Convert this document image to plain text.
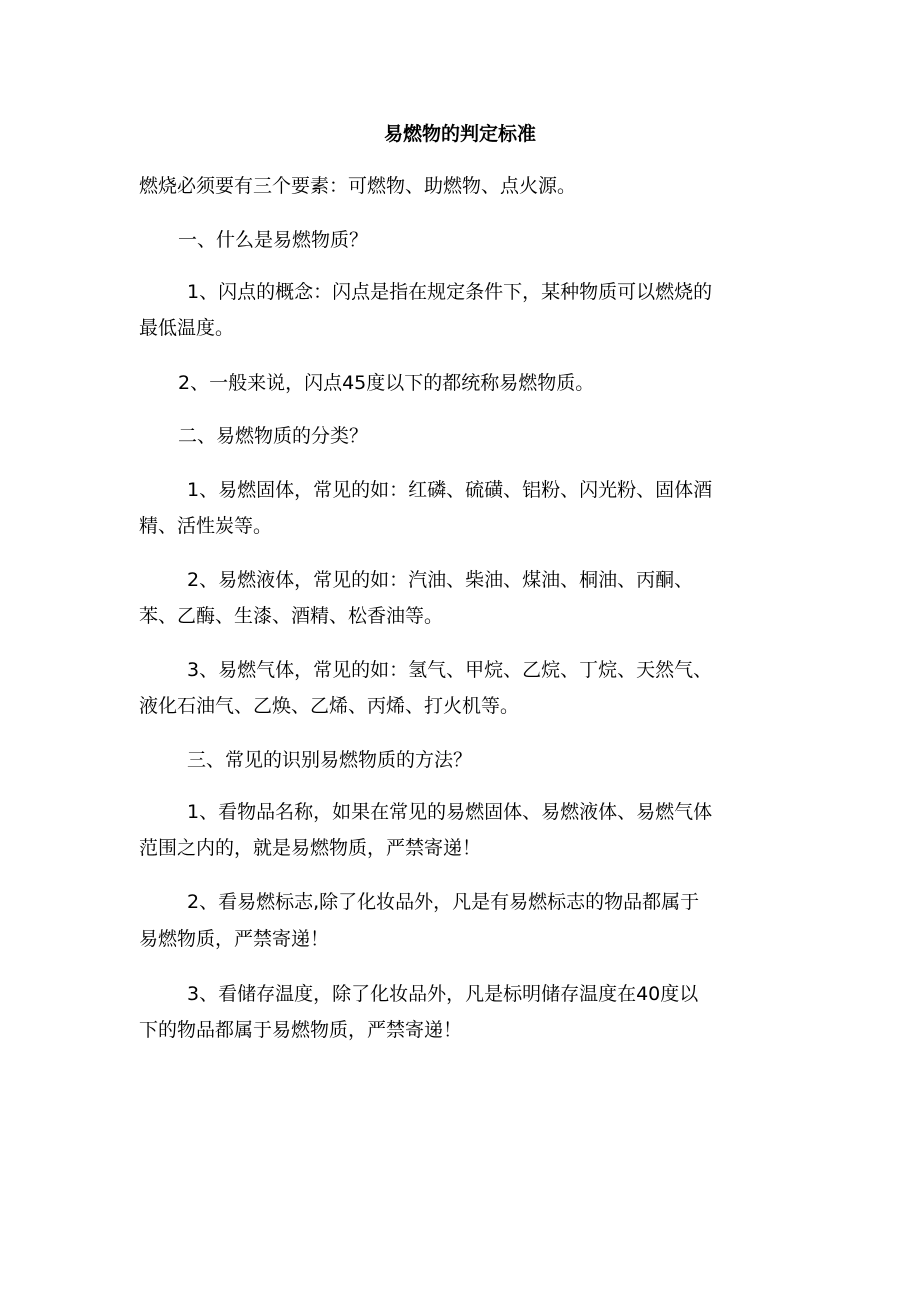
易燃物的判定标准
燃烧必须要有三个要素：可燃物、助燃物、点火源。
一、什么是易燃物质？
1、闪点的概念：闪点是指在规定条件下，某种物质可以燃烧的
最低温度。
2、一般来说，闪点45度以下的都统称易燃物质。
二、易燃物质的分类？
1、易燃固体，常见的如：红磷、硫磺、铝粉、闪光粉、固体酒
精、活性炭等。
2、易燃液体，常见的如：汽油、柴油、煤油、桐油、丙酮、
苯、乙酶、生漆、酒精、松香油等。
3、易燃气体，常见的如：氢气、甲烷、乙烷、丁烷、天然气、
液化石油气、乙焕、乙烯、丙烯、打火机等。
三、常见的识别易燃物质的方法？
1、看物品名称，如果在常见的易燃固体、易燃液体、易燃气体
范围之内的，就是易燃物质，严禁寄递！
2、看易燃标志,除了化妆品外，凡是有易燃标志的物品都属于
易燃物质，严禁寄递！
3、看储存温度，除了化妆品外，凡是标明储存温度在40度以
下的物品都属于易燃物质，严禁寄递！
